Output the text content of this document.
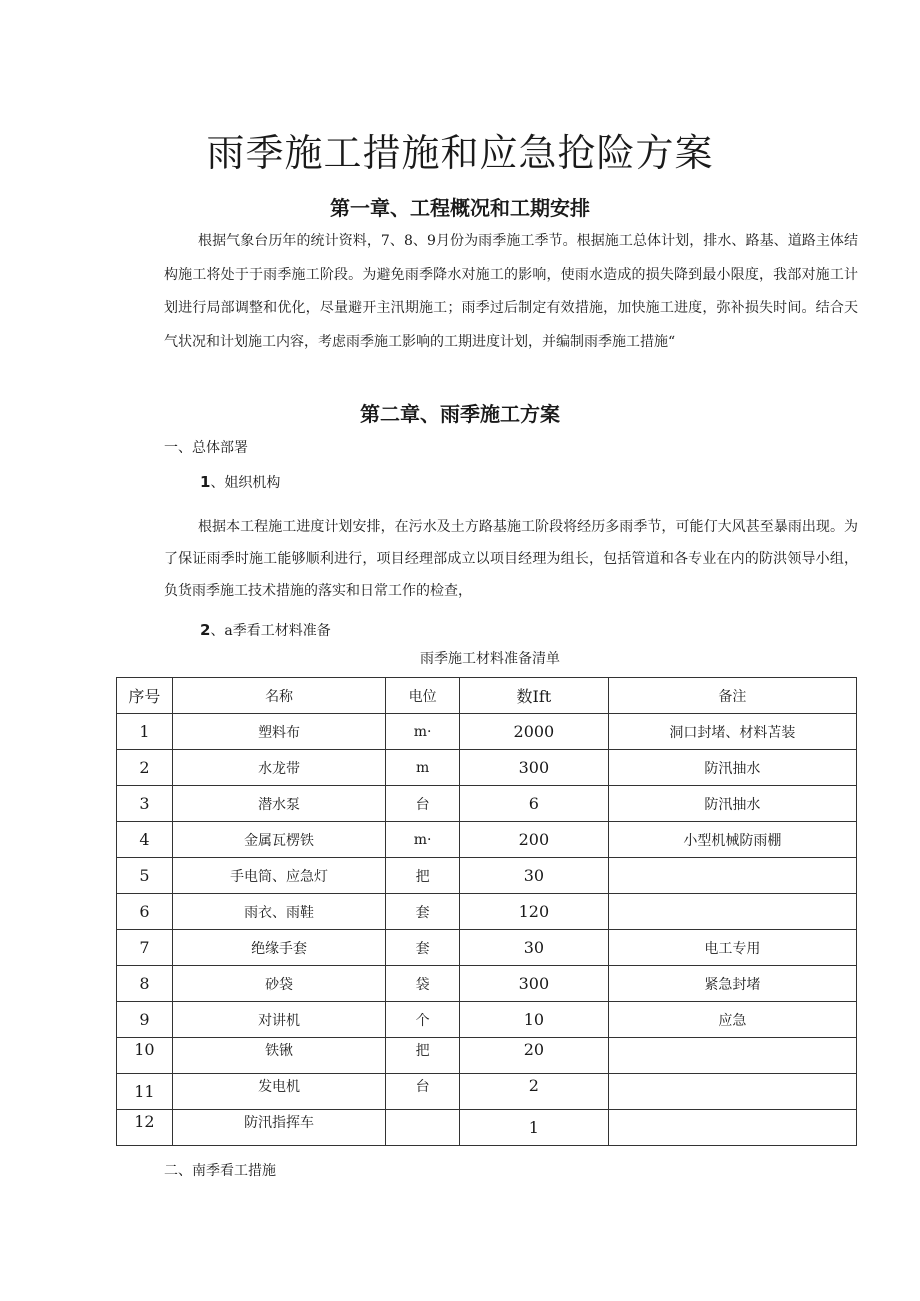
雨季施工措施和应急抢险方案
第一章、工程概况和工期安排

根据气象台历年的统计资料，7、8、9月份为雨季施工季节。根据施工总体计划，排水、路基、道路主体结构施工将处于于雨季施工阶段。为避免雨季降水对施工的影响，使雨水造成的损失降到最小限度，我部对施工计划进行局部调整和优化，尽量避开主汛期施工；雨季过后制定有效措施，加快施工进度，弥补损失时间。结合天气状况和计划施工内容，考虑雨季施工影响的工期进度计划，并编制雨季施工措施“

第二章、雨季施工方案
一、总体部署
1、姐织机构

根据本工程施工进度计划安排，在污水及土方路基施工阶段将经历多雨季节，可能仃大风甚至暴雨出现。为了保证雨季时施工能够顺利进行，项目经理部成立以项目经理为组长，包括管道和各专业在内的防洪领导小组，负货雨季施工技术措施的落实和日常工作的检查，

2、a季看工材料准备
雨季施工材料准备清单
序号	名称	电位	数Ift	备注
1	塑料布	m·	2000	洞口封堵、材料苫装
2	水龙带	m	300	防汛抽水
3	潜水泵	台	6	防汛抽水
4	金属瓦楞铁	m·	200	小型机械防雨棚
5	手电筒、应急灯	把	30	
6	雨衣、雨鞋	套	120	
7	绝缘手套	套	30	电工专用
8	砂袋	袋	300	紧急封堵
9	对讲机	个	10	应急
10	铁锹	把	20	
11	发电机	台	2	
12	防汛指挥车		1	
二、南季看工措施
